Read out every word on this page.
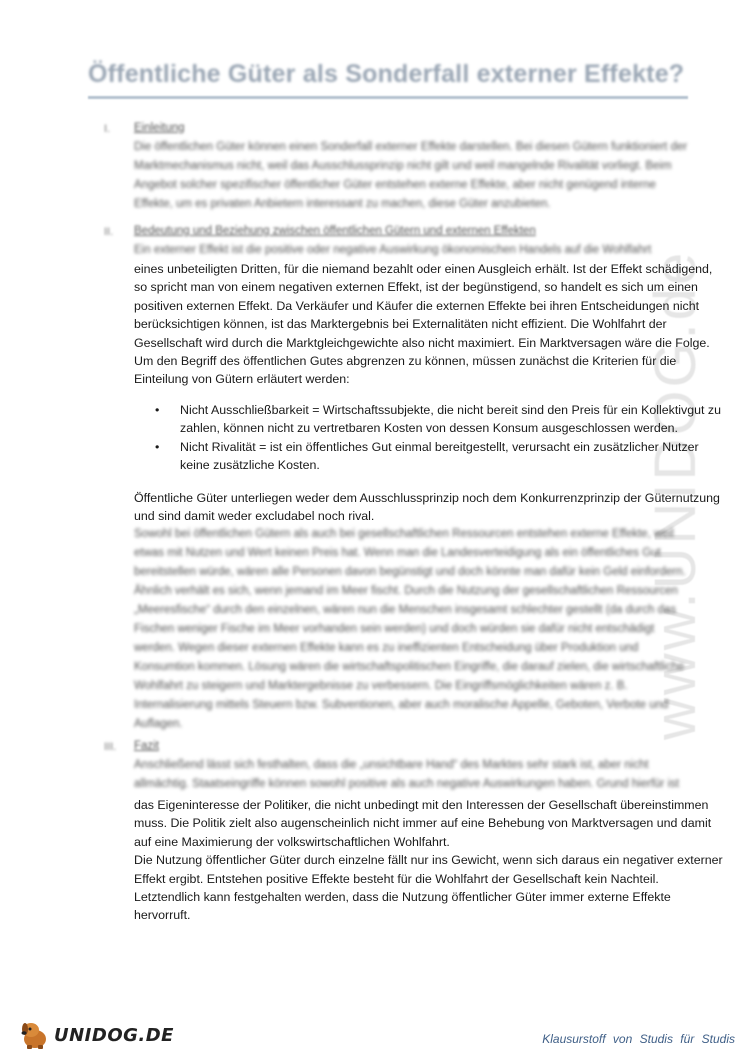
www.UNIDOG.de
Öffentliche Güter als Sonderfall externer Effekte?
I. Einleitung
Die öffentlichen Güter können einen Sonderfall externer Effekte darstellen. Bei diesen Gütern funktioniert der Marktmechanismus nicht, weil das Ausschlussprinzip nicht gilt und weil mangelnde Rivalität vorliegt. Beim Angebot solcher spezifischer öffentlicher Güter entstehen externe Effekte, aber nicht genügend interne Effekte, um es privaten Anbietern interessant zu machen, diese Güter anzubieten.
II. Bedeutung und Beziehung zwischen öffentlichen Gütern und externen Effekten
Ein externer Effekt ist die positive oder negative Auswirkung ökonomischen Handels auf die Wohlfahrt
eines unbeteiligten Dritten, für die niemand bezahlt oder einen Ausgleich erhält. Ist der Effekt schädigend,
so spricht man von einem negativen externen Effekt, ist der begünstigend, so handelt es sich um einen
positiven externen Effekt. Da Verkäufer und Käufer die externen Effekte bei ihren Entscheidungen nicht
berücksichtigen können, ist das Marktergebnis bei Externalitäten nicht effizient. Die Wohlfahrt der
Gesellschaft wird durch die Marktgleichgewichte also nicht maximiert. Ein Marktversagen wäre die Folge.
Um den Begriff des öffentlichen Gutes abgrenzen zu können, müssen zunächst die Kriterien für die
Einteilung von Gütern erläutert werden:
• Nicht Ausschließbarkeit = Wirtschaftssubjekte, die nicht bereit sind den Preis für ein Kollektivgut zu
zahlen, können nicht zu vertretbaren Kosten von dessen Konsum ausgeschlossen werden.
• Nicht Rivalität = ist ein öffentliches Gut einmal bereitgestellt, verursacht ein zusätzlicher Nutzer
keine zusätzliche Kosten.
Öffentliche Güter unterliegen weder dem Ausschlussprinzip noch dem Konkurrenzprinzip der Güternutzung
und sind damit weder excludabel noch rival.
Sowohl bei öffentlichen Gütern als auch bei gesellschaftlichen Ressourcen entstehen externe Effekte, weil etwas mit Nutzen und Wert keinen Preis hat. Wenn man die Landesverteidigung als ein öffentliches Gut bereitstellen würde, wären alle Personen davon begünstigt und doch könnte man dafür kein Geld einfordern. Ähnlich verhält es sich, wenn jemand im Meer fischt. Durch die Nutzung der gesellschaftlichen Ressourcen „Meeresfische“ durch den einzelnen, wären nun die Menschen insgesamt schlechter gestellt (da durch das Fischen weniger Fische im Meer vorhanden sein werden) und doch würden sie dafür nicht entschädigt werden. Wegen dieser externen Effekte kann es zu ineffizienten Entscheidung über Produktion und Konsumtion kommen. Lösung wären die wirtschaftspolitischen Eingriffe, die darauf zielen, die wirtschaftliche Wohlfahrt zu steigern und Marktergebnisse zu verbessern. Die Eingriffsmöglichkeiten wären z. B. Internalisierung mittels Steuern bzw. Subventionen, aber auch moralische Appelle, Geboten, Verbote und Auflagen.
III. Fazit
Anschließend lässt sich festhalten, dass die „unsichtbare Hand“ des Marktes sehr stark ist, aber nicht allmächtig. Staatseingriffe können sowohl positive als auch negative Auswirkungen haben. Grund hierfür ist
das Eigeninteresse der Politiker, die nicht unbedingt mit den Interessen der Gesellschaft übereinstimmen
muss. Die Politik zielt also augenscheinlich nicht immer auf eine Behebung von Marktversagen und damit
auf eine Maximierung der volkswirtschaftlichen Wohlfahrt.
Die Nutzung öffentlicher Güter durch einzelne fällt nur ins Gewicht, wenn sich daraus ein negativer externer
Effekt ergibt. Entstehen positive Effekte besteht für die Wohlfahrt der Gesellschaft kein Nachteil.
Letztendlich kann festgehalten werden, dass die Nutzung öffentlicher Güter immer externe Effekte
hervorruft.
UNIDOG.DE	Klausurstoff von Studis für Studis
